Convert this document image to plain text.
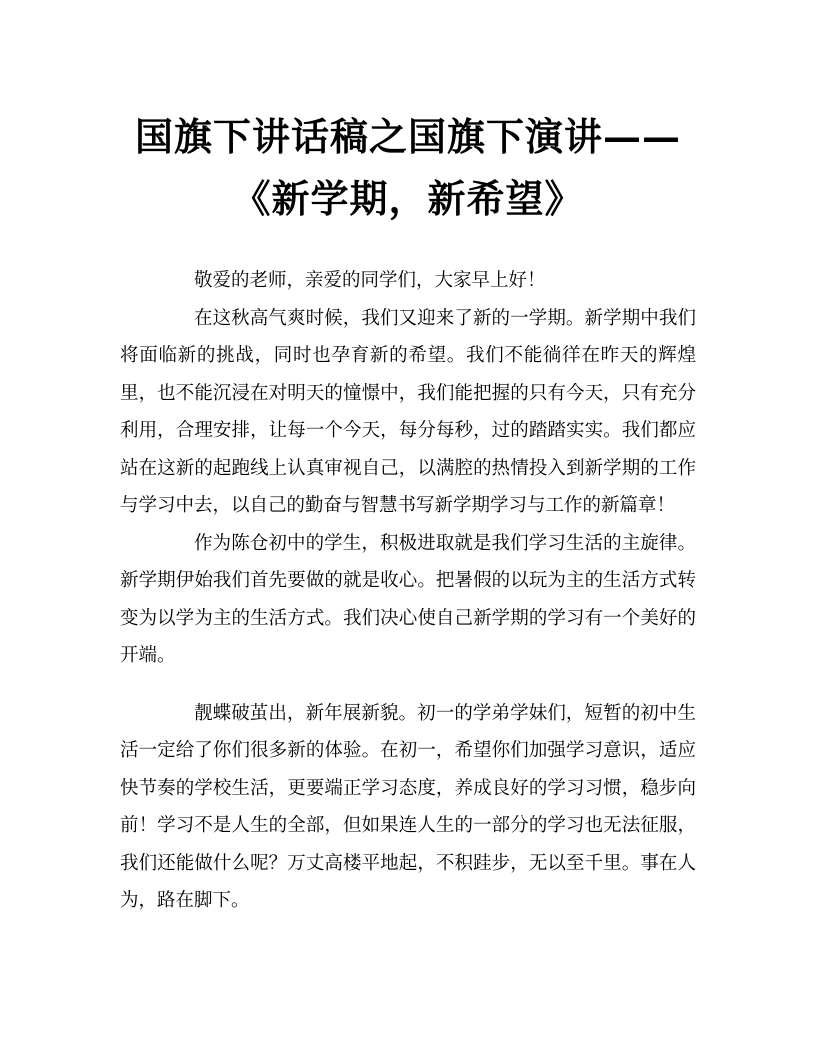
国旗下讲话稿之国旗下演讲——《新学期，新希望》

敬爱的老师，亲爱的同学们，大家早上好！

在这秋高气爽时候，我们又迎来了新的一学期。新学期中我们将面临新的挑战，同时也孕育新的希望。我们不能徜徉在昨天的辉煌里，也不能沉浸在对明天的憧憬中，我们能把握的只有今天，只有充分利用，合理安排，让每一个今天，每分每秒，过的踏踏实实。我们都应站在这新的起跑线上认真审视自己，以满腔的热情投入到新学期的工作与学习中去，以自己的勤奋与智慧书写新学期学习与工作的新篇章！

作为陈仓初中的学生，积极进取就是我们学习生活的主旋律。新学期伊始我们首先要做的就是收心。把暑假的以玩为主的生活方式转变为以学为主的生活方式。我们决心使自己新学期的学习有一个美好的开端。

靓蝶破茧出，新年展新貌。初一的学弟学妹们，短暂的初中生活一定给了你们很多新的体验。在初一，希望你们加强学习意识，适应快节奏的学校生活，更要端正学习态度，养成良好的学习习惯，稳步向前！学习不是人生的全部，但如果连人生的一部分的学习也无法征服，我们还能做什么呢？万丈高楼平地起，不积跬步，无以至千里。事在人为，路在脚下。
